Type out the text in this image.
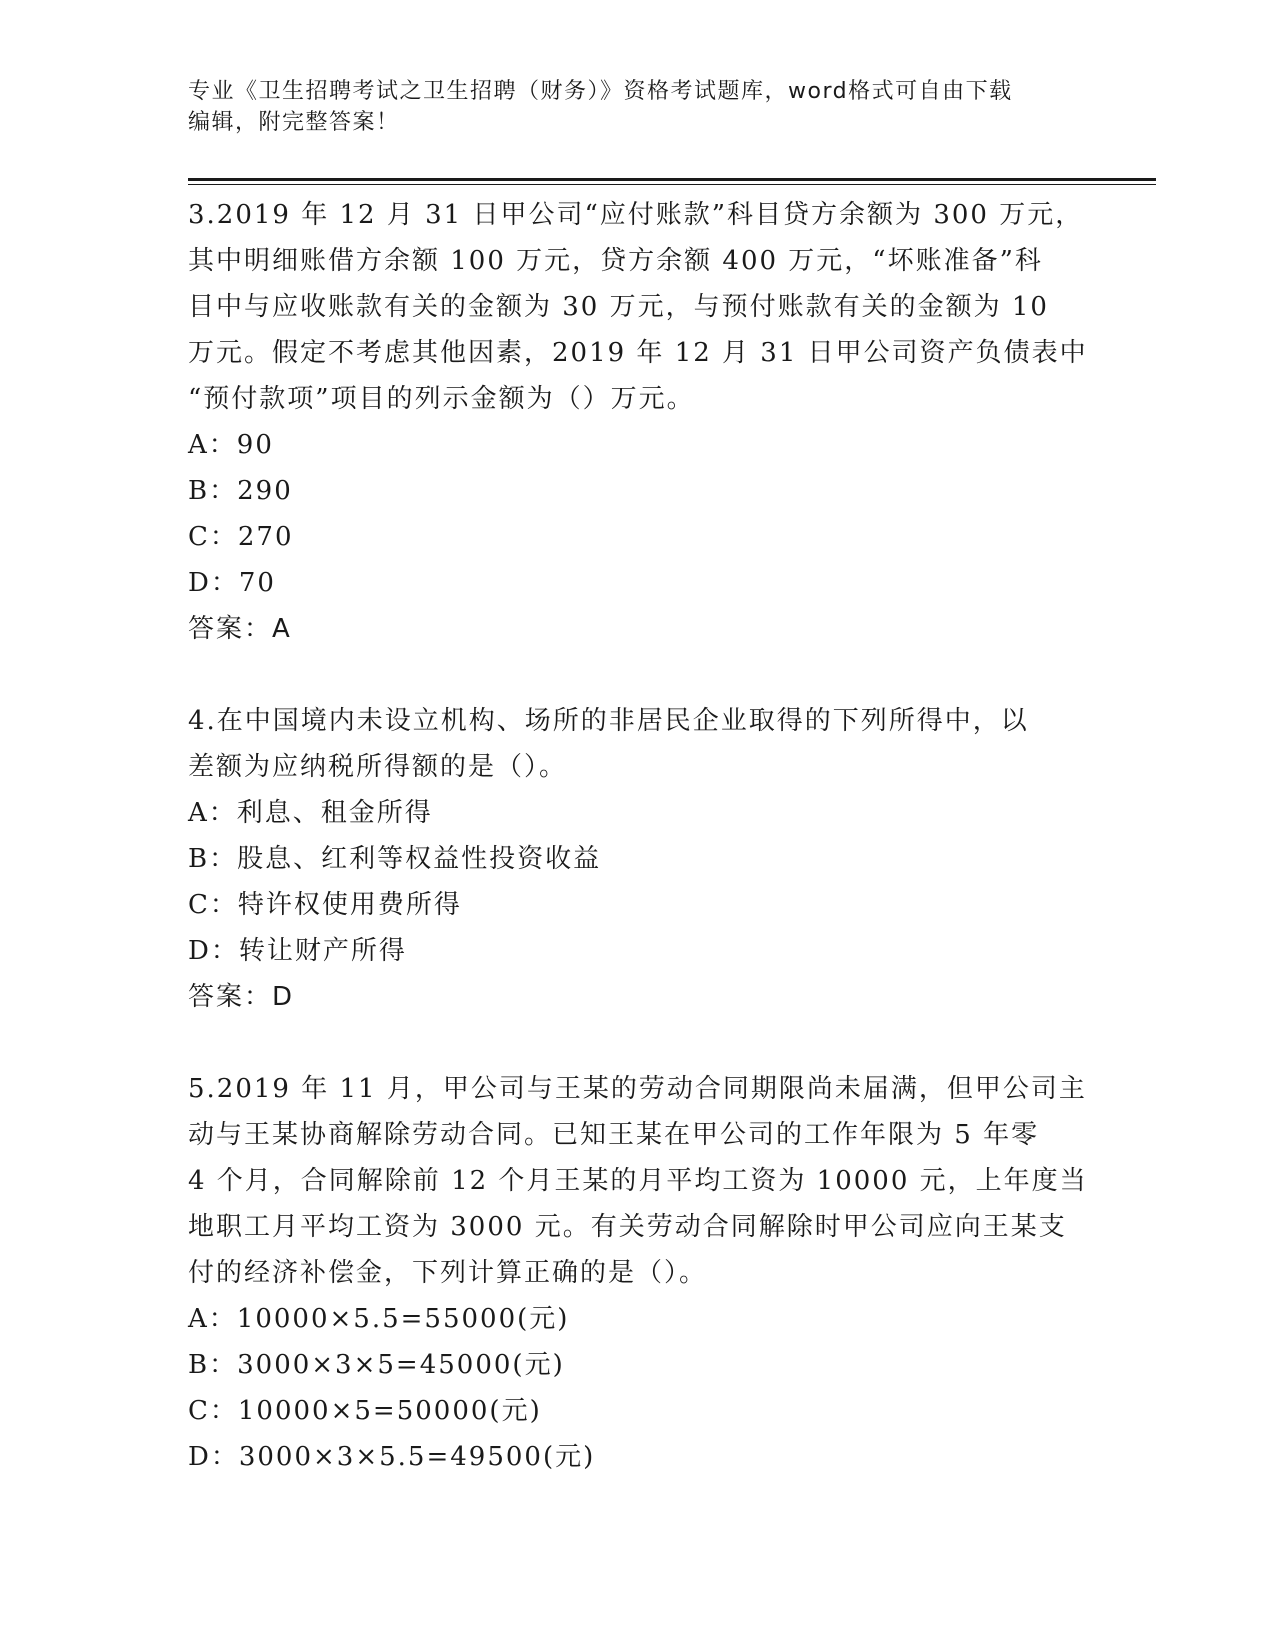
专业《卫生招聘考试之卫生招聘（财务）》资格考试题库，word格式可自由下载
编辑，附完整答案！

3.2019 年 12 月 31 日甲公司“应付账款”科目贷方余额为 300 万元，

其中明细账借方余额 100 万元，贷方余额 400 万元，“坏账准备”科

目中与应收账款有关的金额为 30 万元，与预付账款有关的金额为 10

万元。假定不考虑其他因素，2019 年 12 月 31 日甲公司资产负债表中

“预付款项”项目的列示金额为（）万元。

A：90

B：290

C：270

D：70

答案：A

4.在中国境内未设立机构、场所的非居民企业取得的下列所得中，以

差额为应纳税所得额的是（）。

A：利息、租金所得

B：股息、红利等权益性投资收益

C：特许权使用费所得

D：转让财产所得

答案：D

5.2019 年 11 月，甲公司与王某的劳动合同期限尚未届满，但甲公司主

动与王某协商解除劳动合同。已知王某在甲公司的工作年限为 5 年零

4 个月，合同解除前 12 个月王某的月平均工资为 10000 元，上年度当

地职工月平均工资为 3000 元。有关劳动合同解除时甲公司应向王某支

付的经济补偿金，下列计算正确的是（）。

A：10000×5.5=55000(元)

B：3000×3×5=45000(元)

C：10000×5=50000(元)

D：3000×3×5.5=49500(元)
